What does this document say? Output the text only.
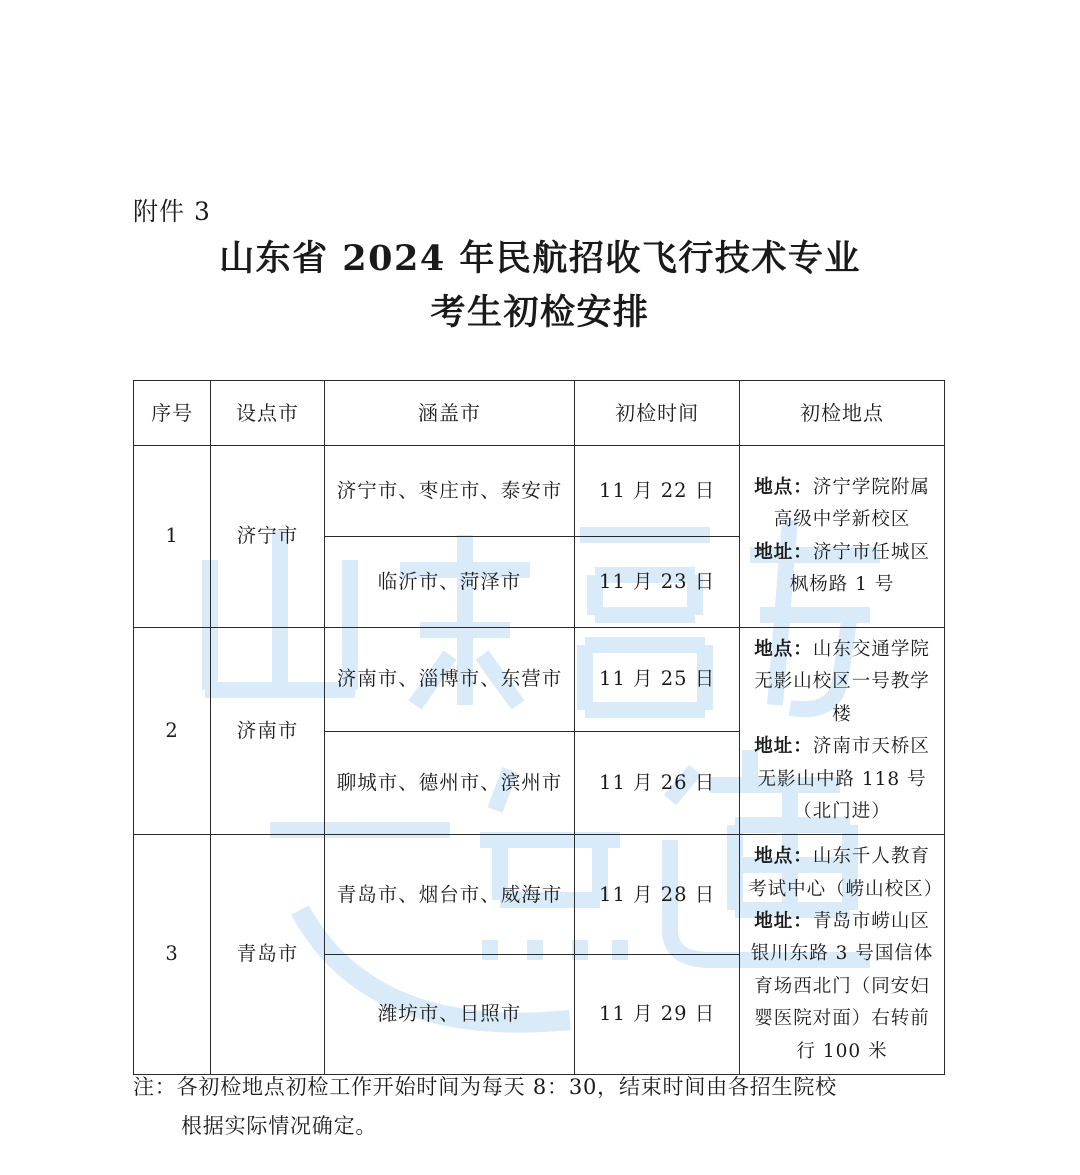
附件 3
山东省 2024 年民航招收飞行技术专业
考生初检安排
序号	设点市	涵盖市	初检时间	初检地点
1	济宁市	济宁市、枣庄市、泰安市	11 月 22 日	地点：济宁学院附属高级中学新校区
地址：济宁市任城区枫杨路 1 号

		临沂市、菏泽市	11 月 23 日	
2	济南市	济南市、淄博市、东营市	11 月 25 日	地点：山东交通学院无影山校区一号教学楼
地址：济南市天桥区无影山中路 118 号（北门进）

		聊城市、德州市、滨州市	11 月 26 日	
3	青岛市	青岛市、烟台市、威海市	11 月 28 日	地点：山东千人教育考试中心（崂山校区）
地址：青岛市崂山区银川东路 3 号国信体育场西北门（同安妇婴医院对面）右转前行 100 米

		潍坊市、日照市	11 月 29 日	
注：各初检地点初检工作开始时间为每天 8：30，结束时间由各招生院校
根据实际情况确定。
